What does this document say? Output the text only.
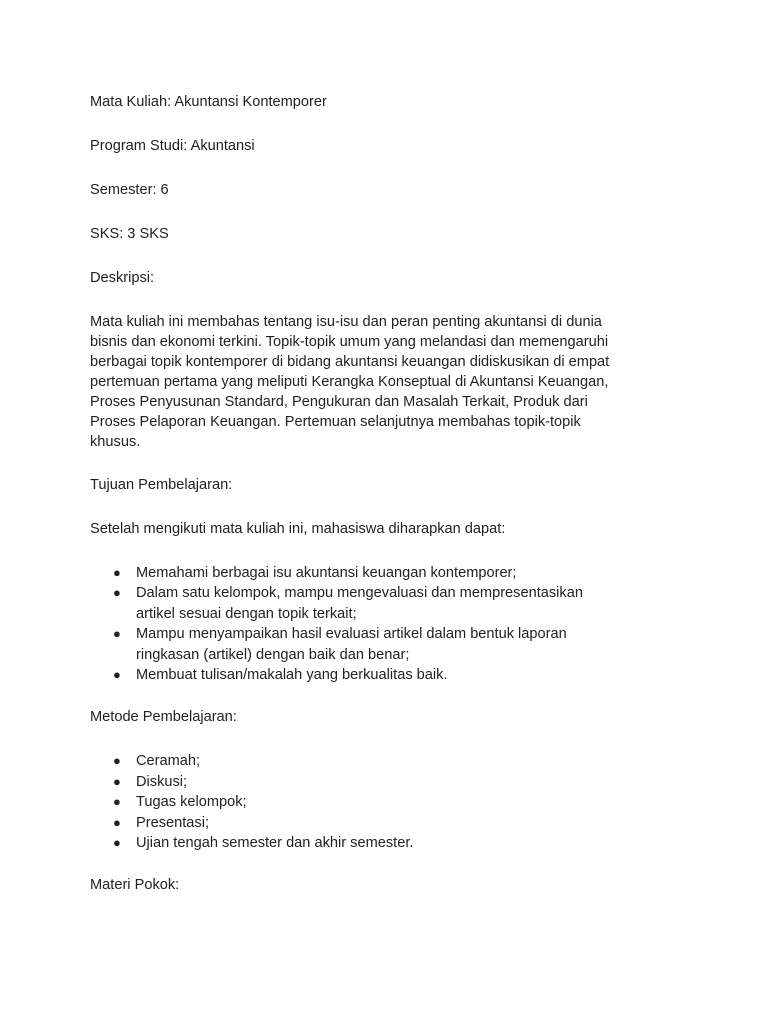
Mata Kuliah: Akuntansi Kontemporer

Program Studi: Akuntansi

Semester: 6

SKS: 3 SKS

Deskripsi:

Mata kuliah ini membahas tentang isu-isu dan peran penting akuntansi di dunia
bisnis dan ekonomi terkini. Topik-topik umum yang melandasi dan memengaruhi
berbagai topik kontemporer di bidang akuntansi keuangan didiskusikan di empat
pertemuan pertama yang meliputi Kerangka Konseptual di Akuntansi Keuangan,
Proses Penyusunan Standard, Pengukuran dan Masalah Terkait, Produk dari
Proses Pelaporan Keuangan. Pertemuan selanjutnya membahas topik-topik
khusus.

Tujuan Pembelajaran:

Setelah mengikuti mata kuliah ini, mahasiswa diharapkan dapat:

● Memahami berbagai isu akuntansi keuangan kontemporer;
● Dalam satu kelompok, mampu mengevaluasi dan mempresentasikan
artikel sesuai dengan topik terkait;
● Mampu menyampaikan hasil evaluasi artikel dalam bentuk laporan
ringkasan (artikel) dengan baik dan benar;
● Membuat tulisan/makalah yang berkualitas baik.

Metode Pembelajaran:

● Ceramah;
● Diskusi;
● Tugas kelompok;
● Presentasi;
● Ujian tengah semester dan akhir semester.

Materi Pokok:
